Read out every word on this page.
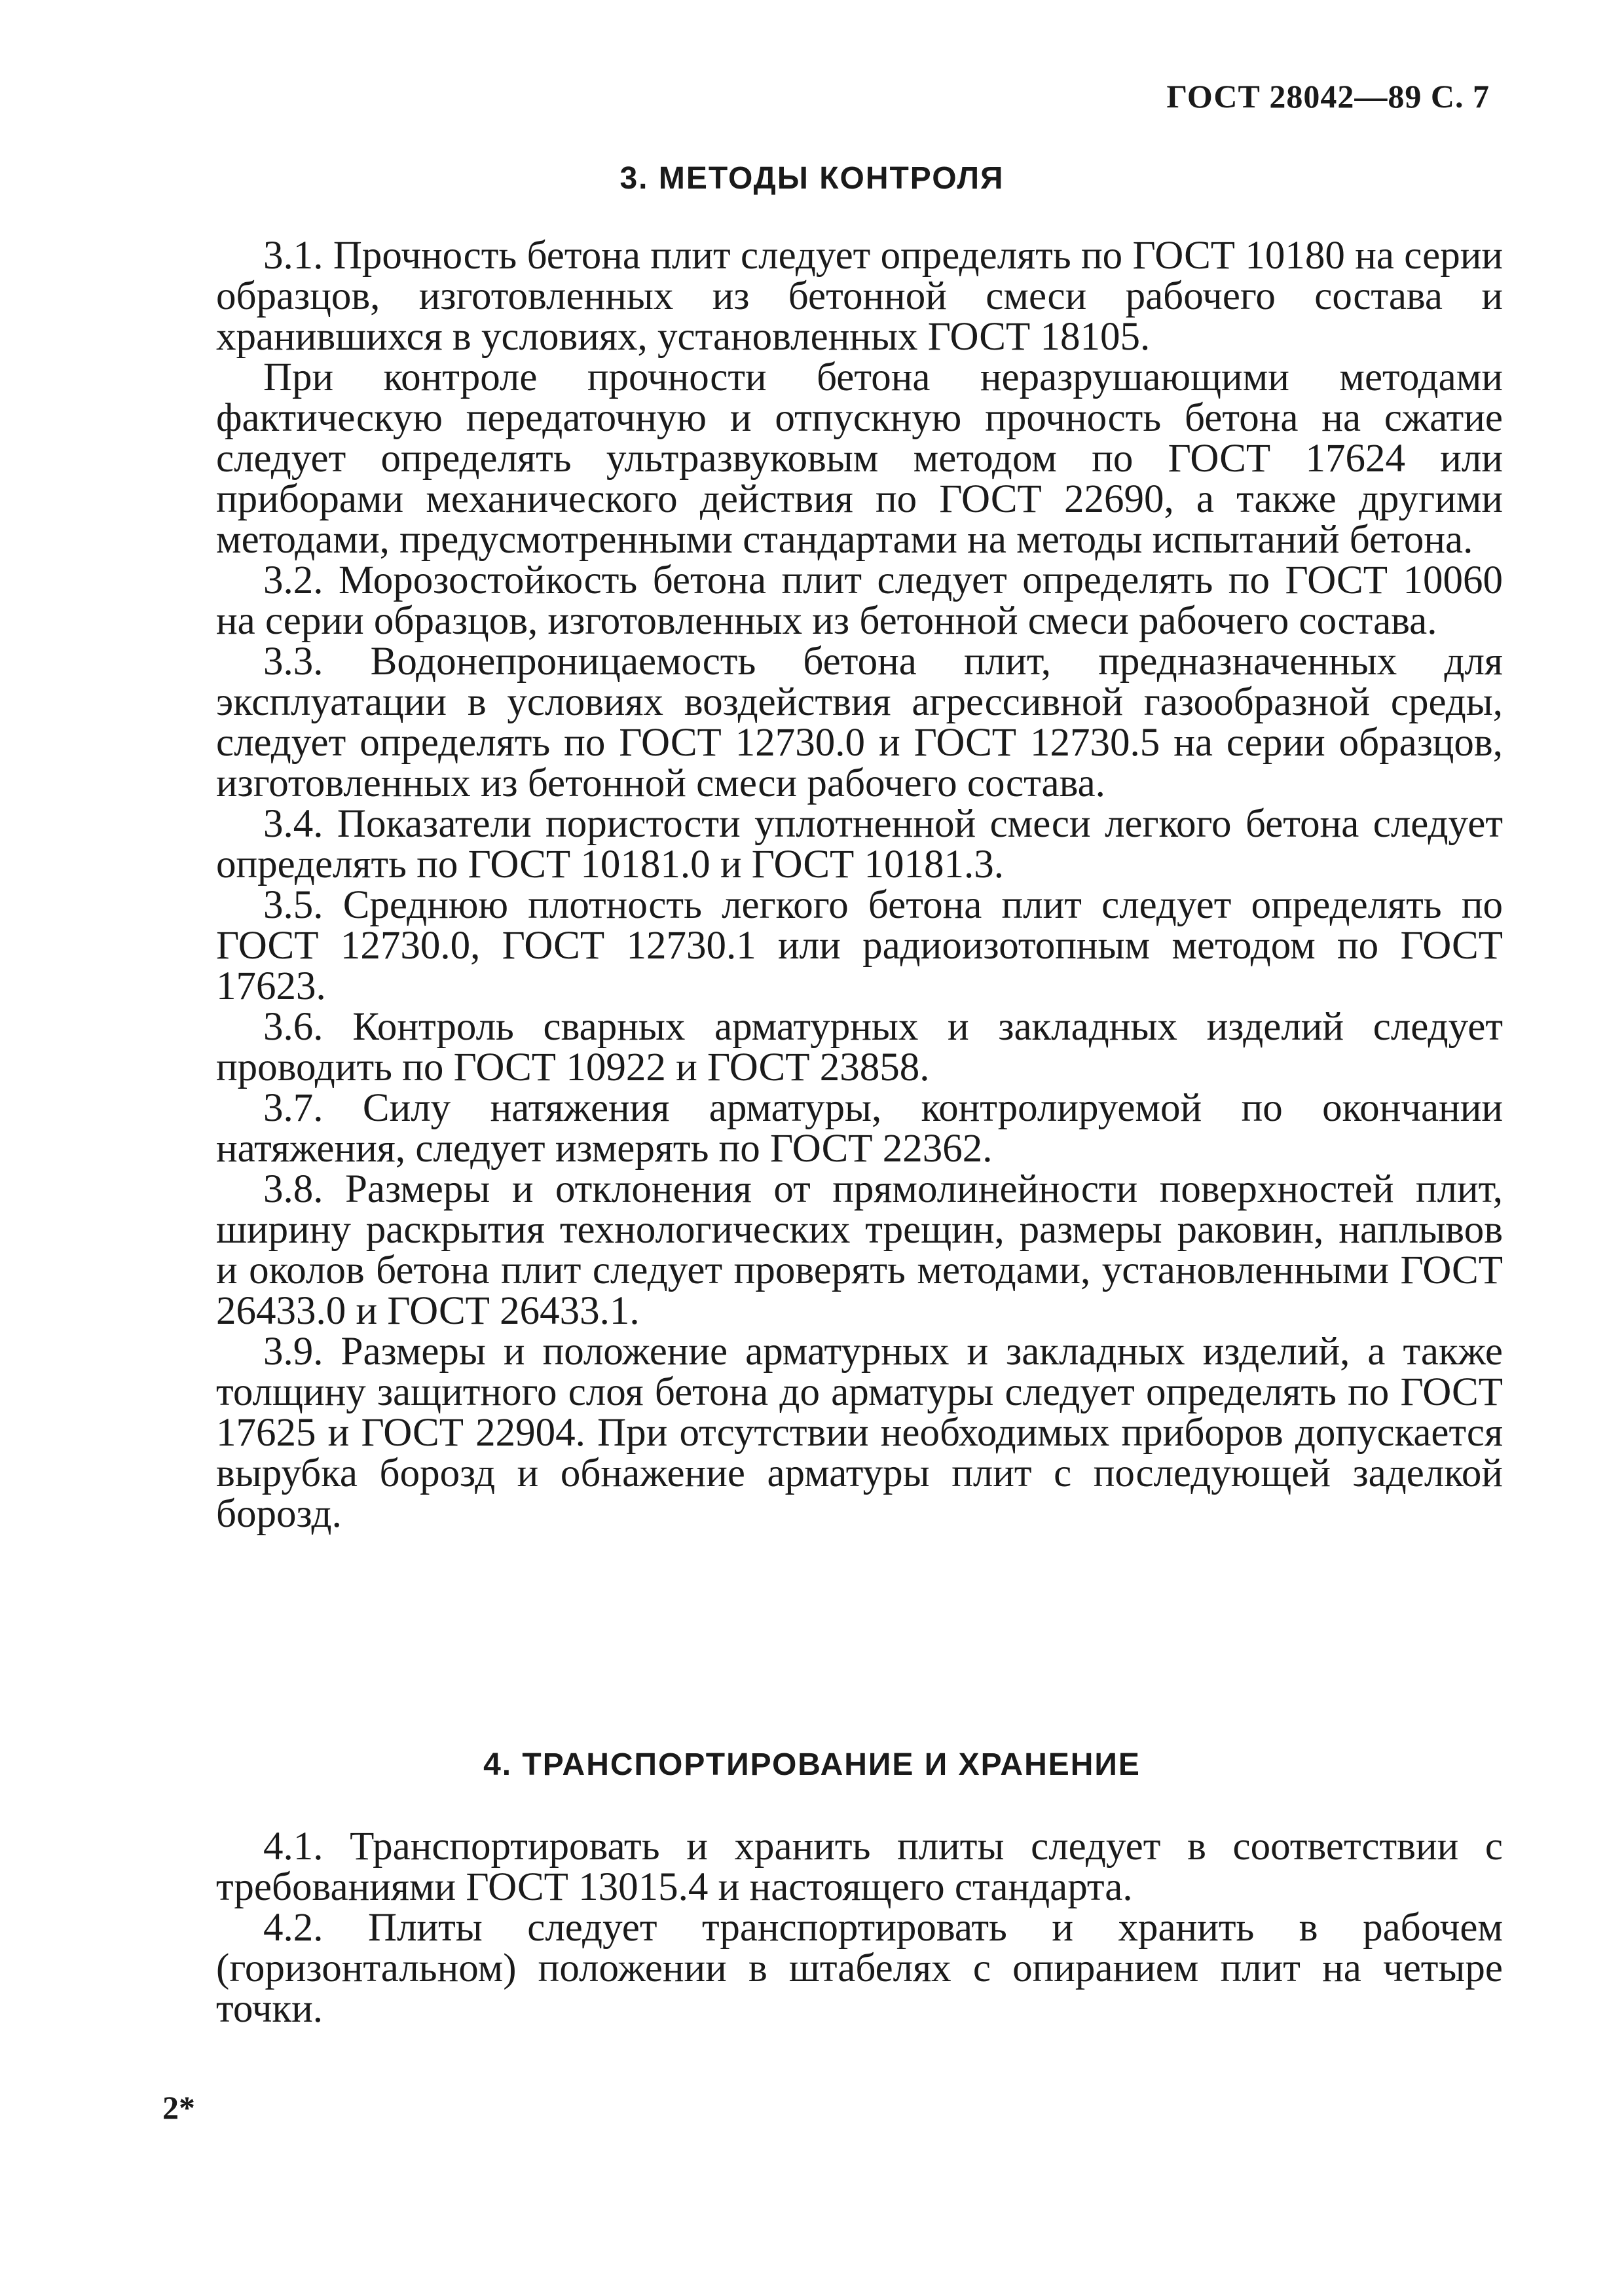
ГОСТ 28042—89 С. 7
3. МЕТОДЫ КОНТРОЛЯ

3.1. Прочность бетона плит следует определять по ГОСТ 10180 на серии образцов, изготовленных из бетонной смеси рабочего состава и хранившихся в условиях, установленных ГОСТ 18105.

При контроле прочности бетона неразрушающими методами фактическую передаточную и отпускную прочность бетона на сжатие следует определять ультразвуковым методом по ГОСТ 17624 или приборами механического действия по ГОСТ 22690, а также другими методами, предусмотренными стандартами на методы испытаний бетона.

3.2. Морозостойкость бетона плит следует определять по ГОСТ 10060 на серии образцов, изготовленных из бетонной смеси рабочего состава.

3.3. Водонепроницаемость бетона плит, предназначенных для эксплуатации в условиях воздействия агрессивной газообразной среды, следует определять по ГОСТ 12730.0 и ГОСТ 12730.5 на серии образцов, изготовленных из бетонной смеси рабочего состава.

3.4. Показатели пористости уплотненной смеси легкого бетона следует определять по ГОСТ 10181.0 и ГОСТ 10181.3.

3.5. Среднюю плотность легкого бетона плит следует определять по ГОСТ 12730.0, ГОСТ 12730.1 или радиоизотопным методом по ГОСТ 17623.

3.6. Контроль сварных арматурных и закладных изделий следует проводить по ГОСТ 10922 и ГОСТ 23858.

3.7. Силу натяжения арматуры, контролируемой по окончании натяжения, следует измерять по ГОСТ 22362.

3.8. Размеры и отклонения от прямолинейности поверхностей плит, ширину раскрытия технологических трещин, размеры раковин, наплывов и околов бетона плит следует проверять методами, установленными ГОСТ 26433.0 и ГОСТ 26433.1.

3.9. Размеры и положение арматурных и закладных изделий, а также толщину защитного слоя бетона до арматуры следует определять по ГОСТ 17625 и ГОСТ 22904. При отсутствии необходимых приборов допускается вырубка борозд и обнажение арматуры плит с последующей заделкой борозд.

4. ТРАНСПОРТИРОВАНИЕ И ХРАНЕНИЕ

4.1. Транспортировать и хранить плиты следует в соответствии с требованиями ГОСТ 13015.4 и настоящего стандарта.

4.2. Плиты следует транспортировать и хранить в рабочем (горизонтальном) положении в штабелях с опиранием плит на четыре точки.

2*
